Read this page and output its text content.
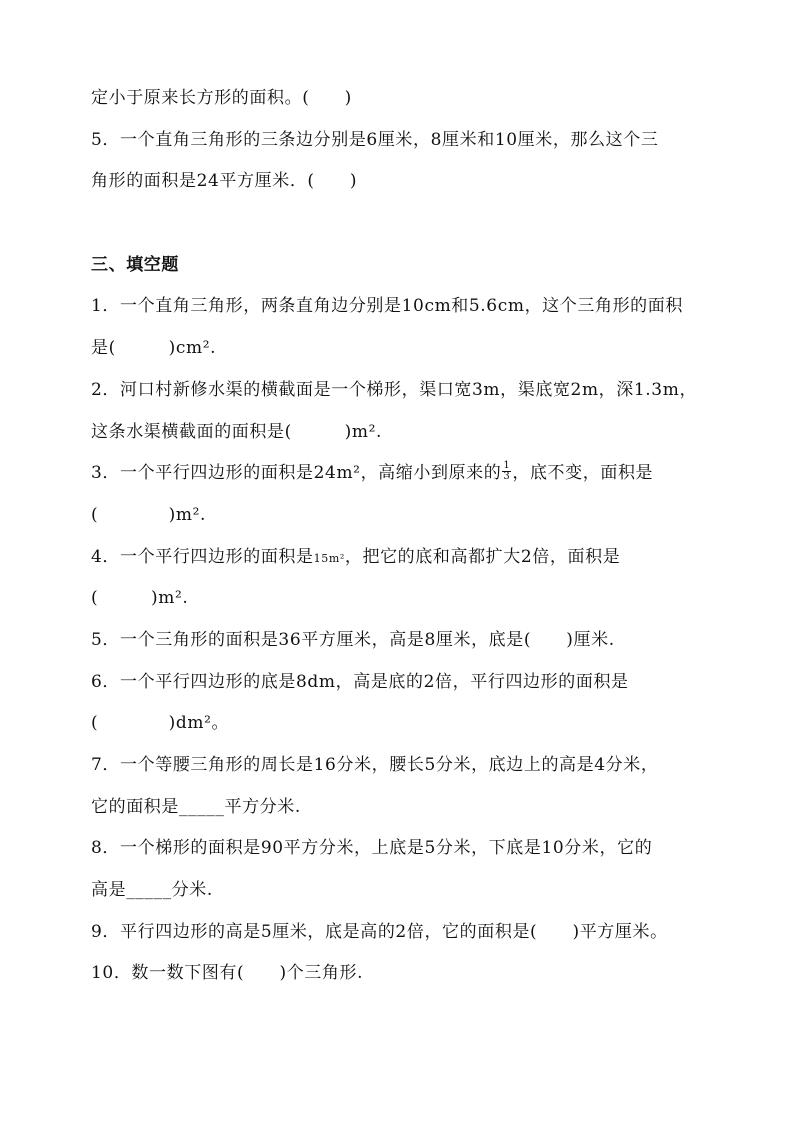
定小于原来长方形的面积。(　　)
5．一个直角三角形的三条边分别是6厘米，8厘米和10厘米，那么这个三
角形的面积是24平方厘米．(　　)
三、填空题
1．一个直角三角形，两条直角边分别是10cm和5.6cm，这个三角形的面积
是(　　　)cm².
2．河口村新修水渠的横截面是一个梯形，渠口宽3m，渠底宽2m，深1.3m，
这条水渠横截面的面积是(　　　)m².
3．一个平行四边形的面积是24m²，高缩小到原来的 $\frac{1}{3}$ ，底不变，面积是
(　　　　)m².
4．一个平行四边形的面积是15m²，把它的底和高都扩大2倍，面积是
(　　　)m².
5．一个三角形的面积是36平方厘米，高是8厘米，底是(　　)厘米.
6．一个平行四边形的底是8dm，高是底的2倍，平行四边形的面积是
(　　　　)dm²。
7．一个等腰三角形的周长是16分米，腰长5分米，底边上的高是4分米，
它的面积是_____平方分米.
8．一个梯形的面积是90平方分米，上底是5分米，下底是10分米，它的
高是_____分米.
9．平行四边形的高是5厘米，底是高的2倍，它的面积是(　　)平方厘米。
10．数一数下图有(　　)个三角形.
